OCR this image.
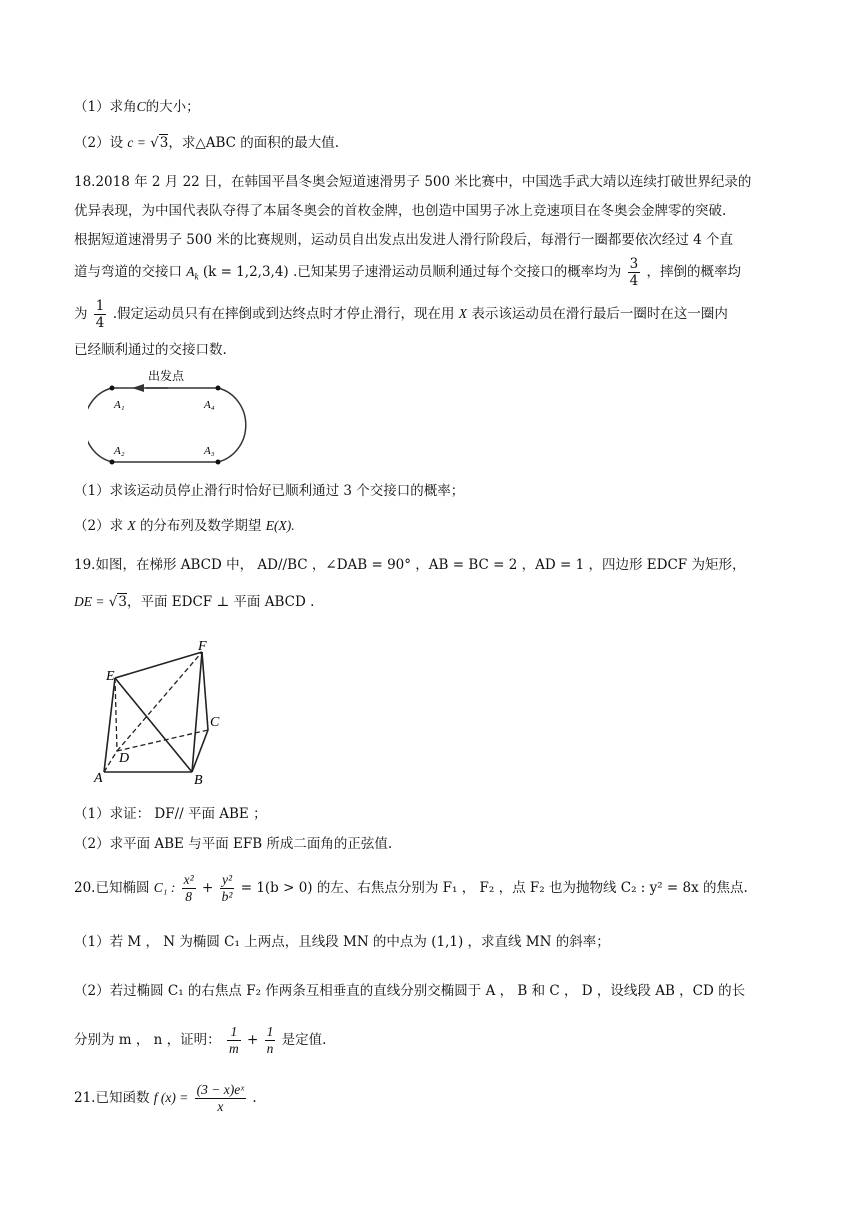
（1）求角C的大小；
（2）设 c = √3，求△ABC 的面积的最大值.
18.2018 年 2 月 22 日，在韩国平昌冬奥会短道速滑男子 500 米比赛中，中国选手武大靖以连续打破世界纪录的
优异表现，为中国代表队夺得了本届冬奥会的首枚金牌，也创造中国男子冰上竞速项目在冬奥会金牌零的突破.
根据短道速滑男子 500 米的比赛规则，运动员自出发点出发进人滑行阶段后，每滑行一圈都要依次经过 4 个直
道与弯道的交接口 $A_k$ (k = 1,2,3,4) .已知某男子速滑运动员顺利通过每个交接口的概率均为 $\frac{3}{4}$ ，摔倒的概率均
为 $\frac{1}{4}$ .假定运动员只有在摔倒或到达终点时才停止滑行，现在用 X 表示该运动员在滑行最后一圈时在这一圈内
已经顺利通过的交接口数.
出发点
A₁	A₄
A₂	A₃
（1）求该运动员停止滑行时恰好已顺利通过 3 个交接口的概率；
（2）求 X 的分布列及数学期望 E(X).
19.如图，在梯形 ABCD 中， AD//BC ，∠DAB = 90° ，AB = BC = 2 ，AD = 1 ，四边形 EDCF 为矩形，
DE = √3，平面 EDCF ⊥ 平面 ABCD .
E
F
C
D
A	B
（1）求证： DF// 平面 ABE ；
（2）求平面 ABE 与平面 EFB 所成二面角的正弦值.
20.已知椭圆 C₁ : $\frac{\text{x²}}{8} + \frac{\text{y²}}{\text{b²}} = 1(b > 0)$ 的左、右焦点分别为 F₁ ， F₂ ，点 F₂ 也为抛物线 C₂ : y² = 8x 的焦点.
（1）若 M ， N 为椭圆 C₁ 上两点，且线段 MN 的中点为 (1,1) ，求直线 MN 的斜率；
（2）若过椭圆 C₁ 的右焦点 F₂ 作两条互相垂直的直线分别交椭圆于 A ， B 和 C ， D ，设线段 AB ，CD 的长
分别为 m ， n ，证明： $\frac{1}{m} + \frac{1}{n}$ 是定值.
21.已知函数 f $(x) = \frac{\text{(3 − x)eˣ}}{x}$ .
